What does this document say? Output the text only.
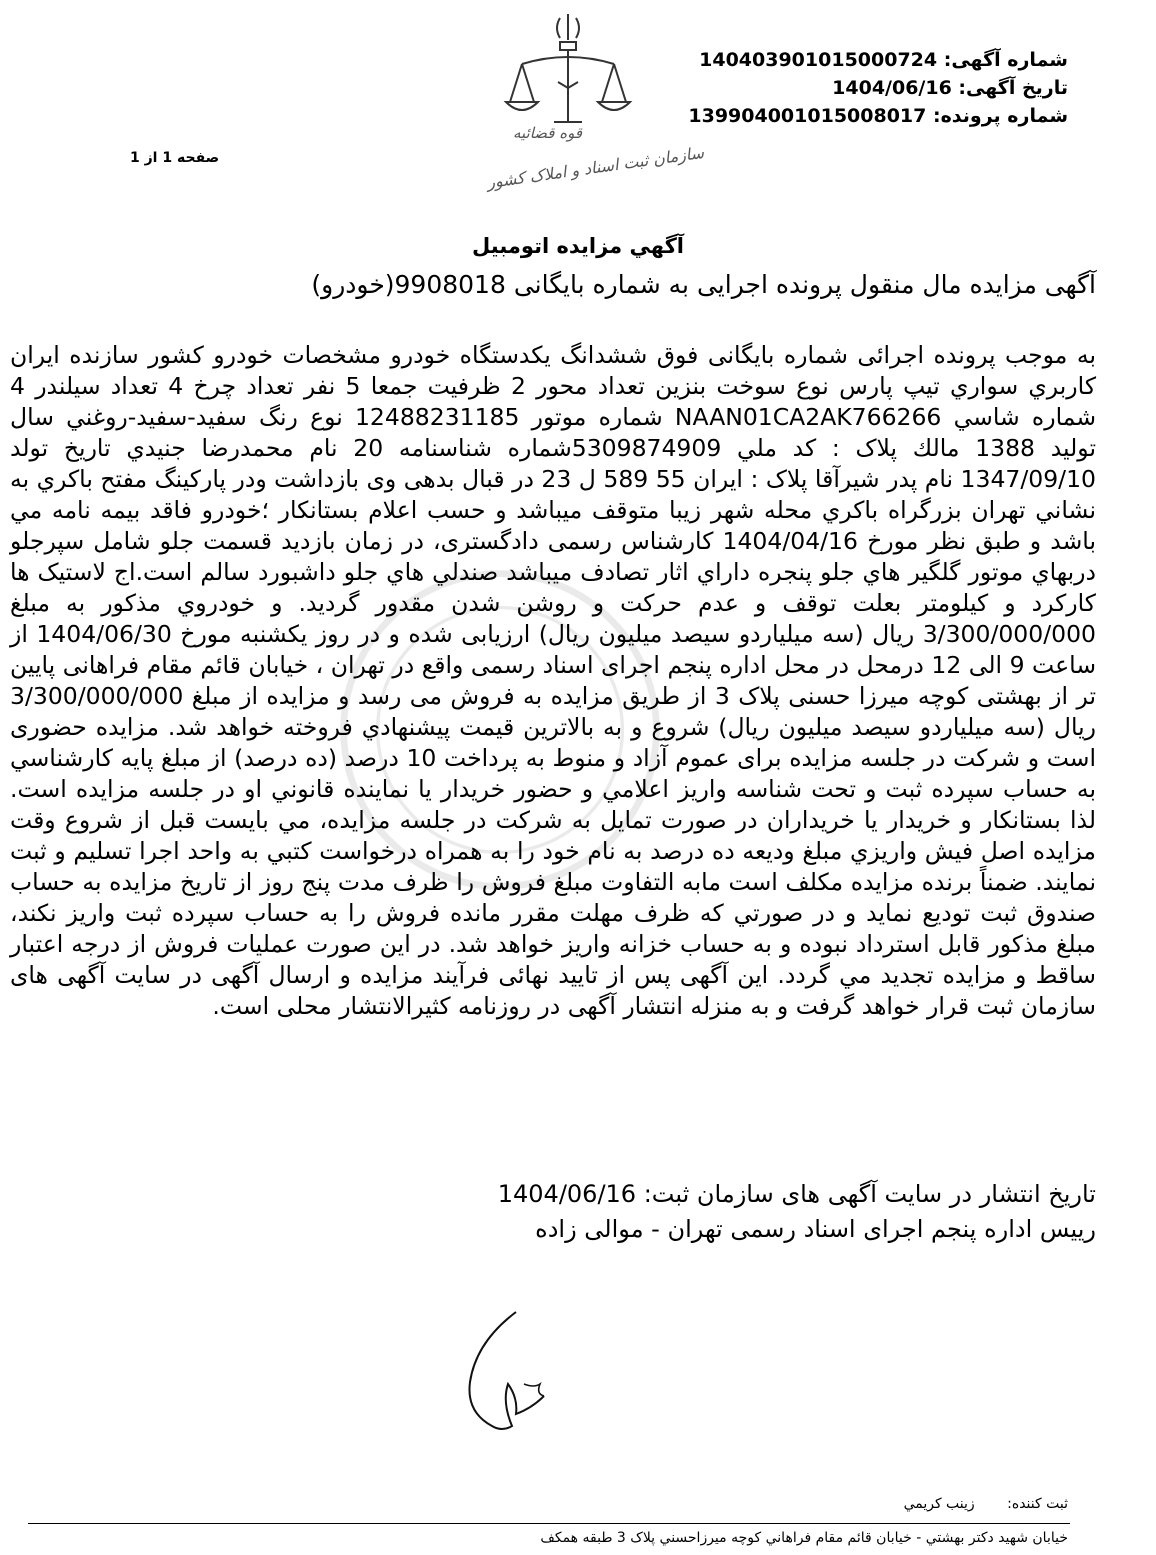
شماره آگهی: 140403901015000724
تاریخ آگهی: 1404/06/16
شماره پرونده: 139904001015008017
صفحه 1 از 1
قوه قضائیه
سازمان ثبت اسناد و املاک کشور
آگهي مزایده اتومبیل
آگهی مزایده مال منقول پرونده اجرایی به شماره بایگانی 9908018(خودرو)
به موجب پرونده اجرائی شماره بایگانی فوق ششدانگ یکدستگاه خودرو مشخصات خودرو کشور سازنده ایران کاربري سواري تیپ پارس نوع سوخت بنزین تعداد محور 2 ظرفیت جمعا 5 نفر تعداد چرخ 4 تعداد سیلندر 4 شماره شاسي NAAN01CA2AK766266 شماره موتور 12488231185 نوع رنگ سفید-سفید-روغني سال تولید 1388 مالك پلاک : کد ملي 5309874909شماره شناسنامه 20 نام محمدرضا جنیدي تاریخ تولد 1347/09/10 نام پدر شیرآقا پلاک : ایران 55 589 ل 23 در قبال بدهی وی بازداشت ودر پارکینگ مفتح باکري به نشاني تهران بزرگراه باکري محله شهر زیبا متوقف میباشد و حسب اعلام بستانکار ؛خودرو فاقد بیمه نامه مي باشد و طبق نظر مورخ 1404/04/16 کارشناس رسمی دادگستری، در زمان بازدید قسمت جلو شامل سپرجلو دربهاي موتور گلگیر هاي جلو پنجره داراي اثار تصادف میباشد صندلي هاي جلو داشبورد سالم است.اج لاستیک ها کارکرد و کیلومتر بعلت توقف و عدم حرکت و روشن شدن مقدور گردید. و خودروي مذکور به مبلغ 3/300/000/000 ریال (سه میلیاردو سیصد میلیون ریال) ارزیابی شده و در روز یکشنبه مورخ 1404/06/30 از ساعت 9 الی 12 درمحل در محل اداره پنجم اجرای اسناد رسمی واقع در تهران ، خیابان قائم مقام فراهانی پایین تر از بهشتی کوچه میرزا حسنی پلاک 3 از طریق مزایده به فروش می رسد و مزایده از مبلغ 3/300/000/000 ریال (سه میلیاردو سیصد میلیون ریال) شروع و به بالاترین قیمت پیشنهادي فروخته خواهد شد. مزایده حضوری است و شرکت در جلسه مزایده برای عموم آزاد و منوط به پرداخت 10 درصد (ده درصد) از مبلغ پایه کارشناسي به حساب سپرده ثبت و تحت شناسه واریز اعلامي و حضور خریدار یا نماینده قانوني او در جلسه مزایده است. لذا بستانکار و خریدار یا خریداران در صورت تمایل به شرکت در جلسه مزایده، مي بایست قبل از شروع وقت مزایده اصل فیش واریزي مبلغ ودیعه ده درصد به نام خود را به همراه درخواست کتبي به واحد اجرا تسلیم و ثبت نمایند. ضمناً برنده مزایده مکلف است مابه التفاوت مبلغ فروش را ظرف مدت پنج روز از تاریخ مزایده به حساب صندوق ثبت تودیع نماید و در صورتي که ظرف مهلت مقرر مانده فروش را به حساب سپرده ثبت واریز نکند، مبلغ مذکور قابل استرداد نبوده و به حساب خزانه واریز خواهد شد. در این صورت عملیات فروش از درجه اعتبار ساقط و مزایده تجدید مي گردد. این آگهی پس از تایید نهائی فرآیند مزایده و ارسال آگهی در سایت آگهی های سازمان ثبت قرار خواهد گرفت و به منزله انتشار آگهی در روزنامه کثیرالانتشار محلی است.
تاریخ انتشار در سایت آگهی های سازمان ثبت: 1404/06/16
رییس اداره پنجم اجرای اسناد رسمی تهران - موالی زاده
ثبت کننده: زینب کریمي
خیابان شهید دکتر بهشتي - خیابان قائم مقام فراهاني کوچه میرزاحسني پلاک 3 طبقه همکف
